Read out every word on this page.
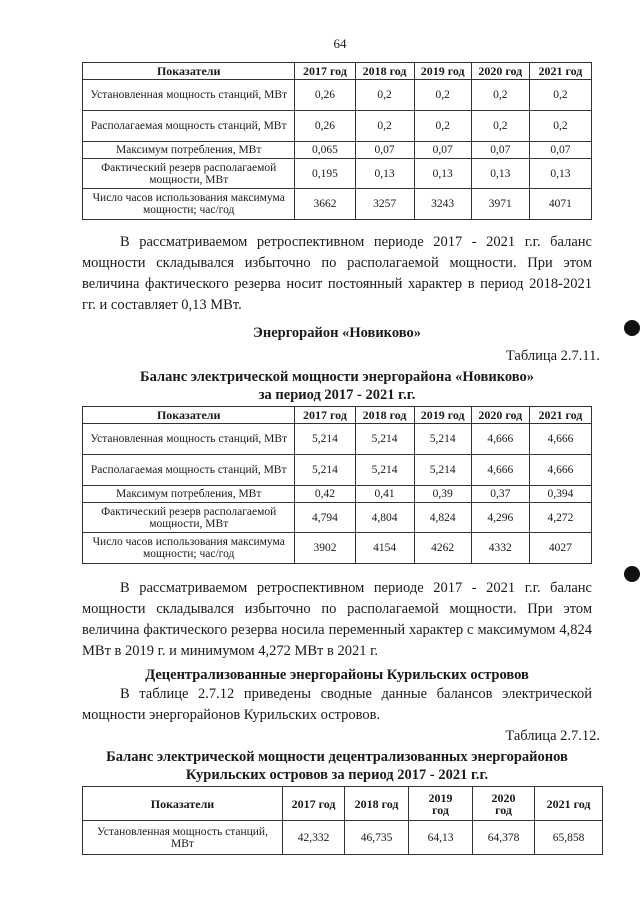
64
Показатели	2017 год	2018 год	2019 год	2020 год	2021 год
Установленная мощность станций, МВт	0,26	0,2	0,2	0,2	0,2
Располагаемая мощность станций, МВт	0,26	0,2	0,2	0,2	0,2
Максимум потребления, МВт	0,065	0,07	0,07	0,07	0,07
Фактический резерв располагаемой мощности, МВт	0,195	0,13	0,13	0,13	0,13
Число часов использования максимума мощности; час/год	3662	3257	3243	3971	4071

В рассматриваемом ретроспективном периоде 2017 - 2021 г.г. баланс мощности складывался избыточно по располагаемой мощности. При этом величина фактического резерва носит постоянный характер в период 2018-2021 гг. и составляет 0,13 МВт.

Энергорайон «Новиково»
Таблица 2.7.11.
Баланс электрической мощности энергорайона «Новиково»
за период 2017 - 2021 г.г.
Показатели	2017 год	2018 год	2019 год	2020 год	2021 год
Установленная мощность станций, МВт	5,214	5,214	5,214	4,666	4,666
Располагаемая мощность станций, МВт	5,214	5,214	5,214	4,666	4,666
Максимум потребления, МВт	0,42	0,41	0,39	0,37	0,394
Фактический резерв располагаемой мощности, МВт	4,794	4,804	4,824	4,296	4,272
Число часов использования максимума мощности; час/год	3902	4154	4262	4332	4027

В рассматриваемом ретроспективном периоде 2017 - 2021 г.г. баланс мощности складывался избыточно по располагаемой мощности. При этом величина фактического резерва носила переменный характер с максимумом 4,824 МВт в 2019 г. и минимумом 4,272 МВт в 2021 г.

Децентрализованные энергорайоны Курильских островов

В таблице 2.7.12 приведены сводные данные балансов электрической мощности энергорайонов Курильских островов.

Таблица 2.7.12.
Баланс электрической мощности децентрализованных энергорайонов
Курильских островов за период 2017 - 2021 г.г.
Показатели	2017 год	2018 год	2019 год	2020 год	2021 год
Установленная мощность станций, МВт	42,332	46,735	64,13	64,378	65,858
